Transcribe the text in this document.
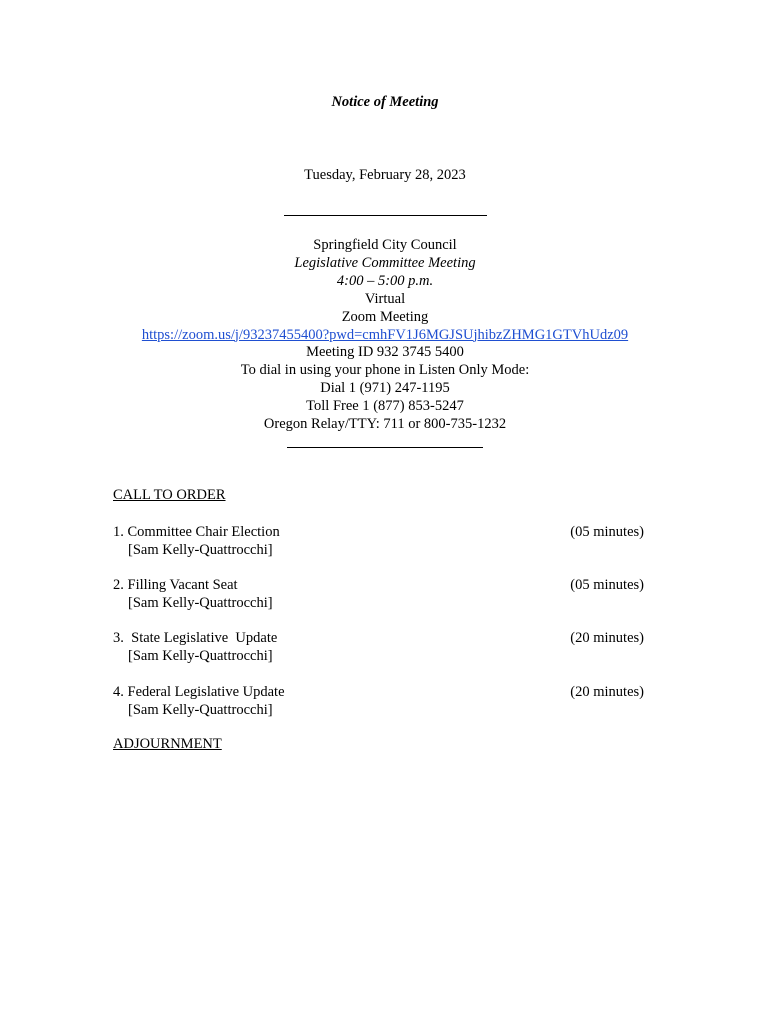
Notice of Meeting
Tuesday, February 28, 2023
Springfield City Council
Legislative Committee Meeting
4:00 – 5:00 p.m.
Virtual
Zoom Meeting
https://zoom.us/j/93237455400?pwd=cmhFV1J6MGJSUjhibzZHMG1GTVhUdz09
Meeting ID 932 3745 5400
To dial in using your phone in Listen Only Mode:
Dial 1 (971) 247-1195
Toll Free 1 (877) 853-5247
Oregon Relay/TTY: 711 or 800-735-1232
CALL TO ORDER
1. Committee Chair Election	(05 minutes)
[Sam Kelly-Quattrocchi]
2. Filling Vacant Seat	(05 minutes)
[Sam Kelly-Quattrocchi]
3.  State Legislative  Update	(20 minutes)
[Sam Kelly-Quattrocchi]
4. Federal Legislative Update	(20 minutes)
[Sam Kelly-Quattrocchi]
ADJOURNMENT
